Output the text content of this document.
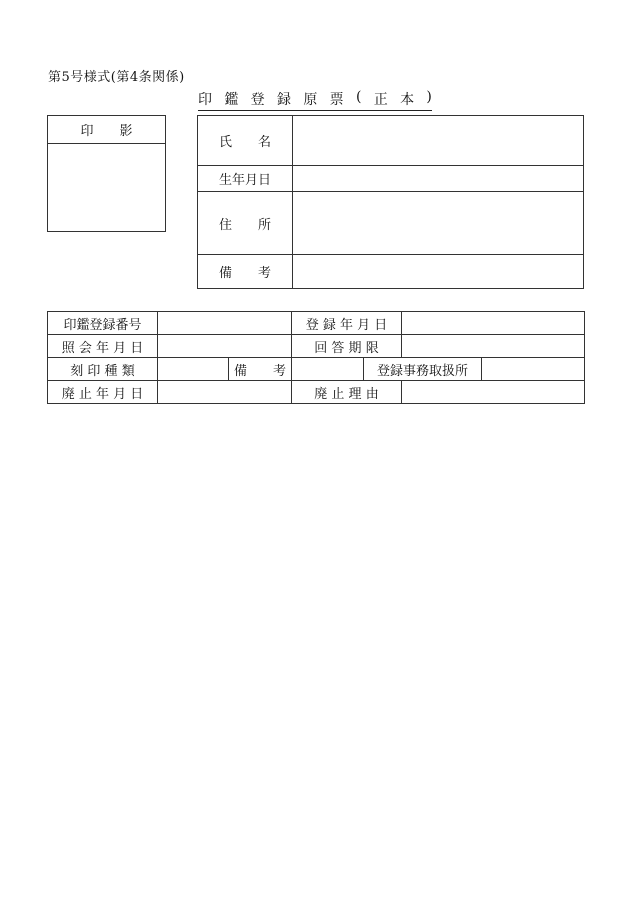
第5号様式(第4条関係)
印 鑑 登 録 原 票 ( 正 本 )
印 影
氏　　名	
生年月日	
住　　所	
備　　考	
印鑑登録番号			登 録 年 月 日			
照 会 年 月 日			回 答 期 限			
刻 印 種 類		備　　考		登録事務取扱所		
廃 止 年 月 日			廃 止 理 由			
